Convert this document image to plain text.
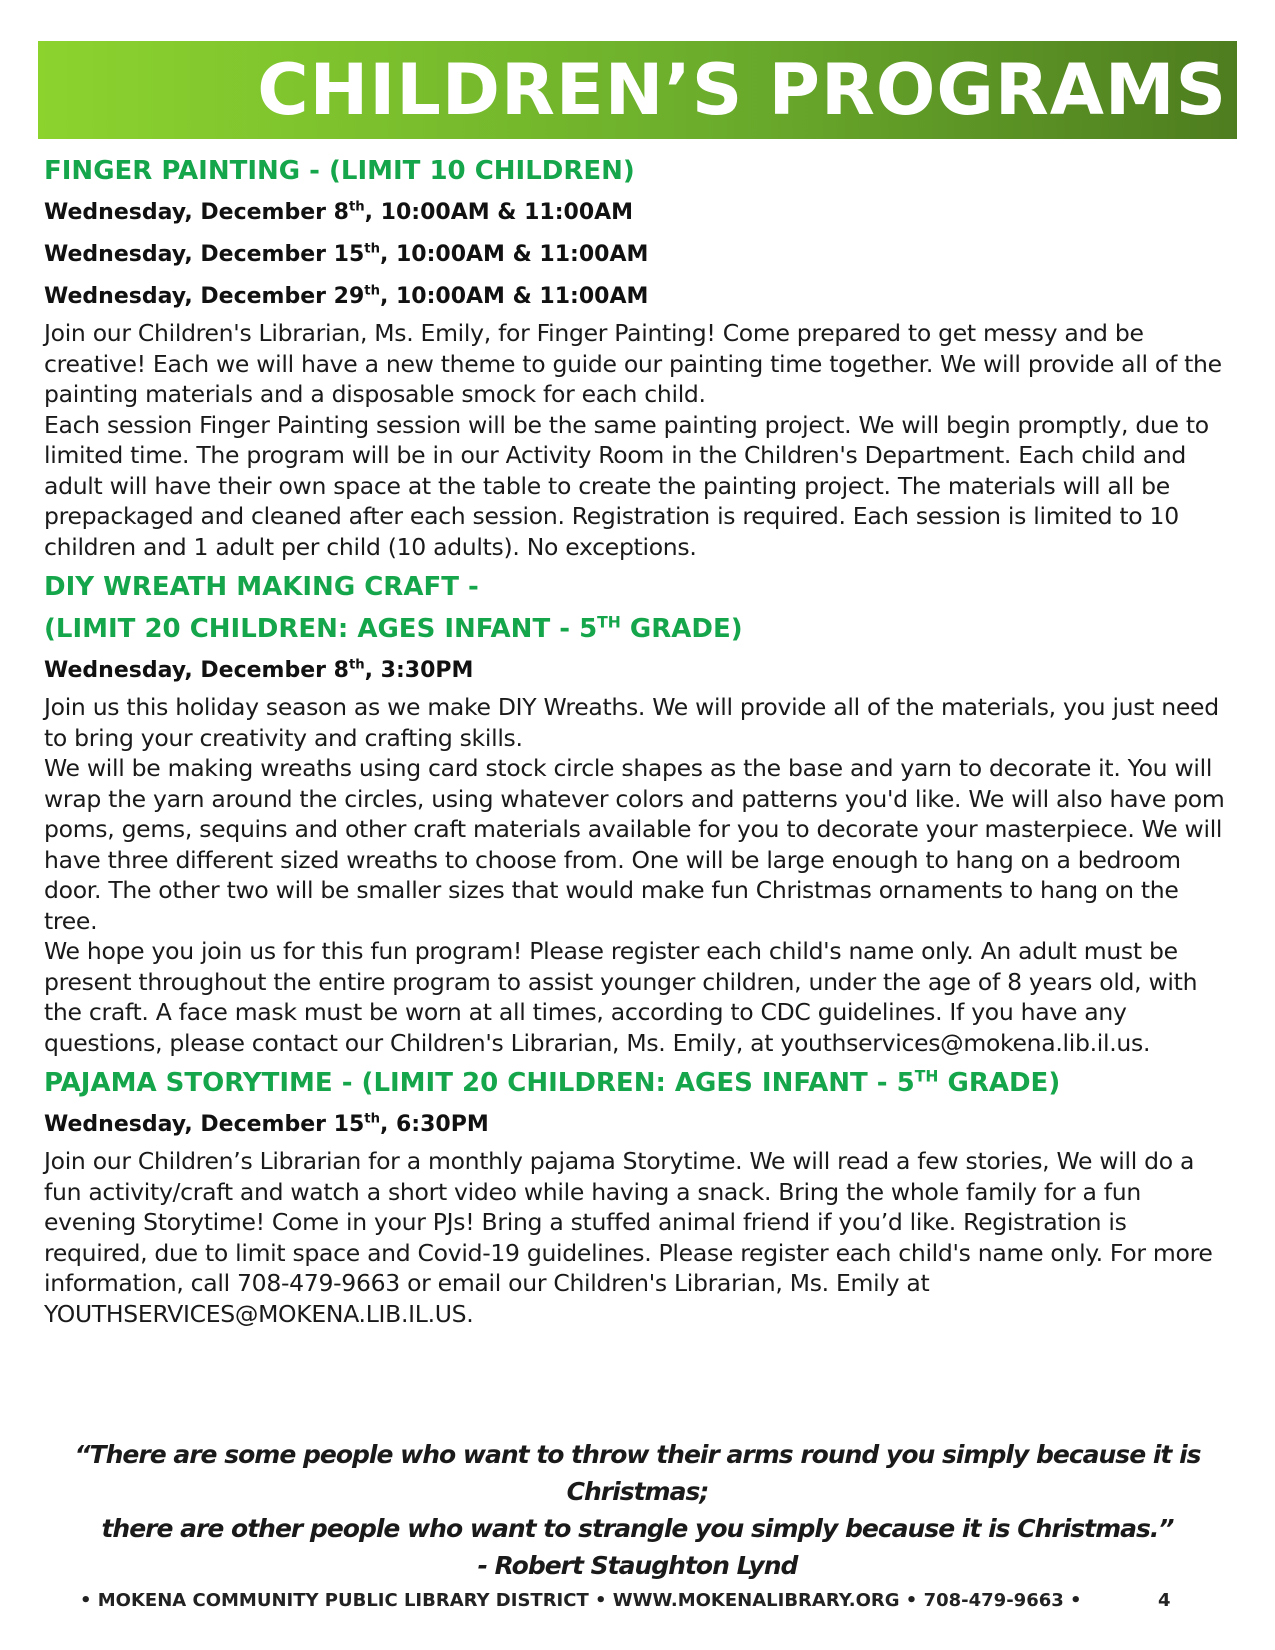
CHILDREN’S PROGRAMS
FINGER PAINTING - (LIMIT 10 CHILDREN)
Wednesday, December 8th, 10:00AM & 11:00AM
Wednesday, December 15th, 10:00AM & 11:00AM
Wednesday, December 29th, 10:00AM & 11:00AM

Join our Children's Librarian, Ms. Emily, for Finger Painting! Come prepared to get messy and be creative! Each we will have a new theme to guide our painting time together. We will provide all of the painting materials and a disposable smock for each child.

Each session Finger Painting session will be the same painting project. We will begin promptly, due to limited time. The program will be in our Activity Room in the Children's Department. Each child and adult will have their own space at the table to create the painting project. The materials will all be prepackaged and cleaned after each session. Registration is required. Each session is limited to 10 children and 1 adult per child (10 adults). No exceptions.

DIY WREATH MAKING CRAFT -
(LIMIT 20 CHILDREN: AGES INFANT - 5TH GRADE)
Wednesday, December 8th, 3:30PM

Join us this holiday season as we make DIY Wreaths. We will provide all of the materials, you just need to bring your creativity and crafting skills.

We will be making wreaths using card stock circle shapes as the base and yarn to decorate it. You will wrap the yarn around the circles, using whatever colors and patterns you'd like. We will also have pom poms, gems, sequins and other craft materials available for you to decorate your masterpiece. We will have three different sized wreaths to choose from. One will be large enough to hang on a bedroom door. The other two will be smaller sizes that would make fun Christmas ornaments to hang on the tree.

We hope you join us for this fun program! Please register each child's name only. An adult must be present throughout the entire program to assist younger children, under the age of 8 years old, with the craft. A face mask must be worn at all times, according to CDC guidelines. If you have any questions, please contact our Children's Librarian, Ms. Emily, at youthservices@mokena.lib.il.us.

PAJAMA STORYTIME - (LIMIT 20 CHILDREN: AGES INFANT - 5TH GRADE)
Wednesday, December 15th, 6:30PM

Join our Children’s Librarian for a monthly pajama Storytime. We will read a few stories, We will do a fun activity/craft and watch a short video while having a snack. Bring the whole family for a fun evening Storytime! Come in your PJs! Bring a stuffed animal friend if you’d like. Registration is required, due to limit space and Covid-19 guidelines. Please register each child's name only. For more information, call 708-479-9663 or email our Children's Librarian, Ms. Emily at YOUTHSERVICES@MOKENA.LIB.IL.US.

“There are some people who want to throw their arms round you simply because it is Christmas;

there are other people who want to strangle you simply because it is Christmas.”

- Robert Staughton Lynd

• MOKENA COMMUNITY PUBLIC LIBRARY DISTRICT • WWW.MOKENALIBRARY.ORG • 708-479-9663 •	4
